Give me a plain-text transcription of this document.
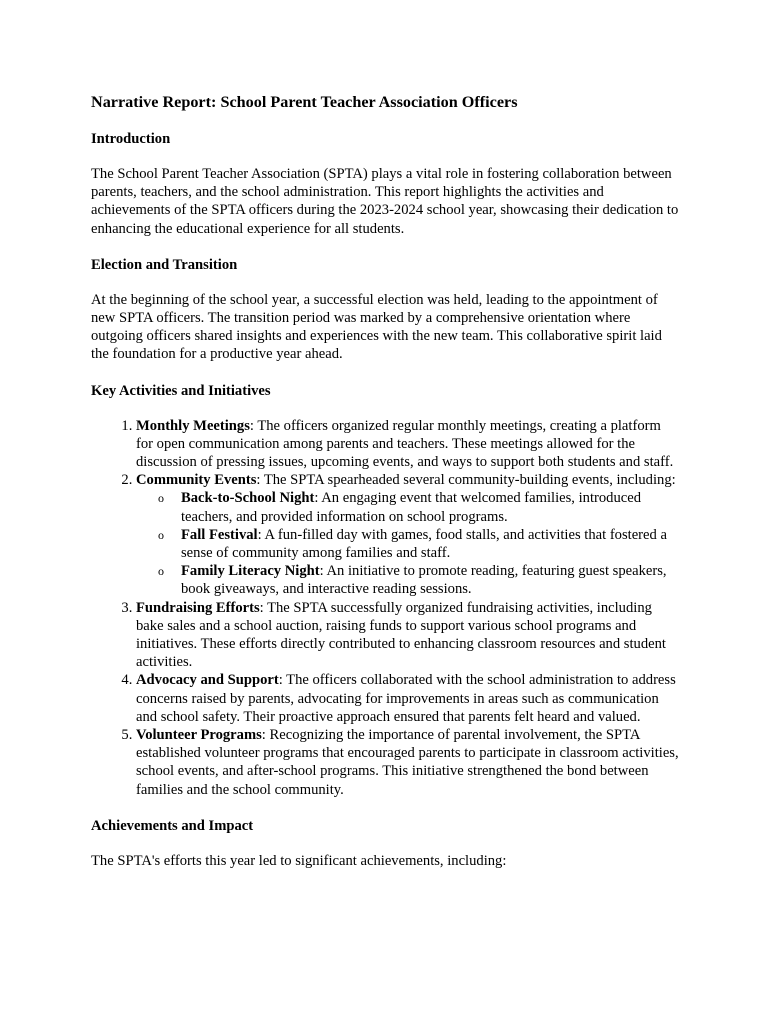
Narrative Report: School Parent Teacher Association Officers
Introduction

The School Parent Teacher Association (SPTA) plays a vital role in fostering collaboration between parents, teachers, and the school administration. This report highlights the activities and achievements of the SPTA officers during the 2023-2024 school year, showcasing their dedication to enhancing the educational experience for all students.

Election and Transition

At the beginning of the school year, a successful election was held, leading to the appointment of new SPTA officers. The transition period was marked by a comprehensive orientation where outgoing officers shared insights and experiences with the new team. This collaborative spirit laid the foundation for a productive year ahead.

Key Activities and Initiatives
1. Monthly Meetings: The officers organized regular monthly meetings, creating a platform for open communication among parents and teachers. These meetings allowed for the discussion of pressing issues, upcoming events, and ways to support both students and staff.
2. Community Events: The SPTA spearheaded several community-building events, including:
o Back-to-School Night: An engaging event that welcomed families, introduced teachers, and provided information on school programs.
o Fall Festival: A fun-filled day with games, food stalls, and activities that fostered a sense of community among families and staff.
o Family Literacy Night: An initiative to promote reading, featuring guest speakers, book giveaways, and interactive reading sessions.
3. Fundraising Efforts: The SPTA successfully organized fundraising activities, including bake sales and a school auction, raising funds to support various school programs and initiatives. These efforts directly contributed to enhancing classroom resources and student activities.
4. Advocacy and Support: The officers collaborated with the school administration to address concerns raised by parents, advocating for improvements in areas such as communication and school safety. Their proactive approach ensured that parents felt heard and valued.
5. Volunteer Programs: Recognizing the importance of parental involvement, the SPTA established volunteer programs that encouraged parents to participate in classroom activities, school events, and after-school programs. This initiative strengthened the bond between families and the school community.
Achievements and Impact

The SPTA's efforts this year led to significant achievements, including:
